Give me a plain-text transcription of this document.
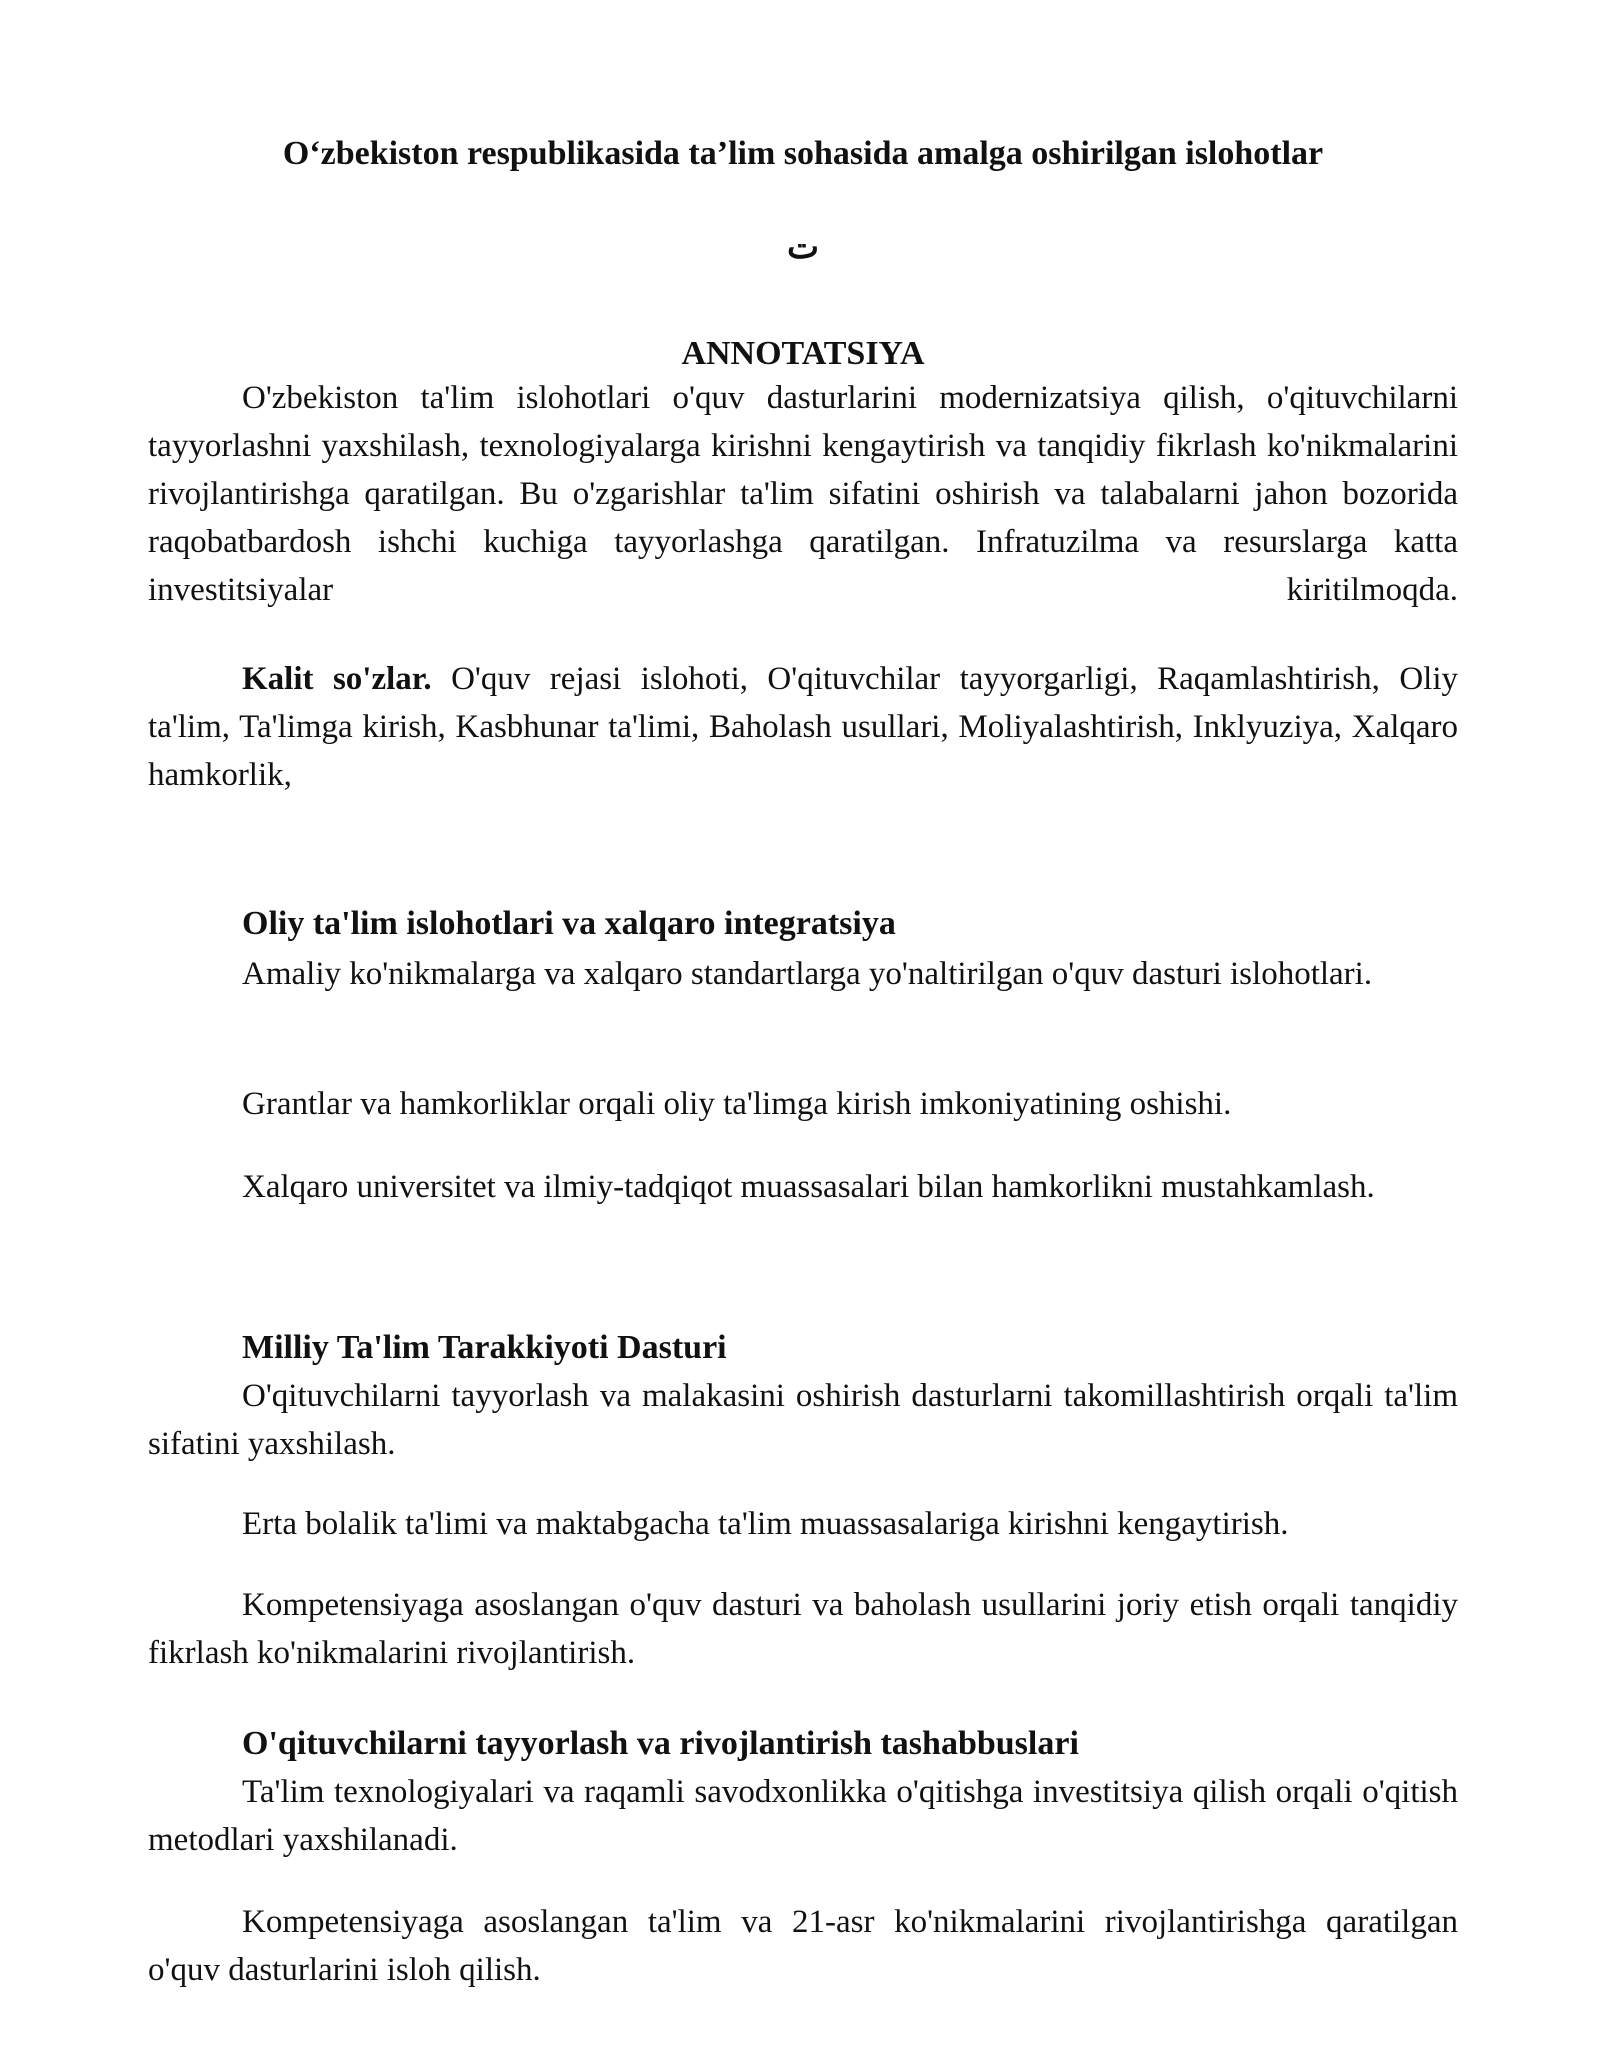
O‘zbekiston respublikasida ta’lim sohasida amalga oshirilgan islohotlar
ت
ANNOTATSIYA

O'zbekiston ta'lim islohotlari o'quv dasturlarini modernizatsiya qilish, o'qituvchilarni tayyorlashni yaxshilash, texnologiyalarga kirishni kengaytirish va tanqidiy fikrlash ko'nikmalarini rivojlantirishga qaratilgan. Bu o'zgarishlar ta'lim sifatini oshirish va talabalarni jahon bozorida raqobatbardosh ishchi kuchiga tayyorlashga qaratilgan. Infratuzilma va resurslarga katta investitsiyalar kiritilmoqda.

Kalit so'zlar. O'quv rejasi islohoti, O'qituvchilar tayyorgarligi, Raqamlashtirish, Oliy ta'lim, Ta'limga kirish, Kasbhunar ta'limi, Baholash usullari, Moliyalashtirish, Inklyuziya, Xalqaro hamkorlik,

Oliy ta'lim islohotlari va xalqaro integratsiya

Amaliy ko'nikmalarga va xalqaro standartlarga yo'naltirilgan o'quv dasturi islohotlari.

Grantlar va hamkorliklar orqali oliy ta'limga kirish imkoniyatining oshishi.

Xalqaro universitet va ilmiy-tadqiqot muassasalari bilan hamkorlikni mustahkamlash.

Milliy Ta'lim Tarakkiyoti Dasturi

O'qituvchilarni tayyorlash va malakasini oshirish dasturlarni takomillashtirish orqali ta'lim sifatini yaxshilash.

Erta bolalik ta'limi va maktabgacha ta'lim muassasalariga kirishni kengaytirish.

Kompetensiyaga asoslangan o'quv dasturi va baholash usullarini joriy etish orqali tanqidiy fikrlash ko'nikmalarini rivojlantirish.

O'qituvchilarni tayyorlash va rivojlantirish tashabbuslari

Ta'lim texnologiyalari va raqamli savodxonlikka o'qitishga investitsiya qilish orqali o'qitish metodlari yaxshilanadi.

Kompetensiyaga asoslangan ta'lim va 21-asr ko'nikmalarini rivojlantirishga qaratilgan o'quv dasturlarini isloh qilish.
